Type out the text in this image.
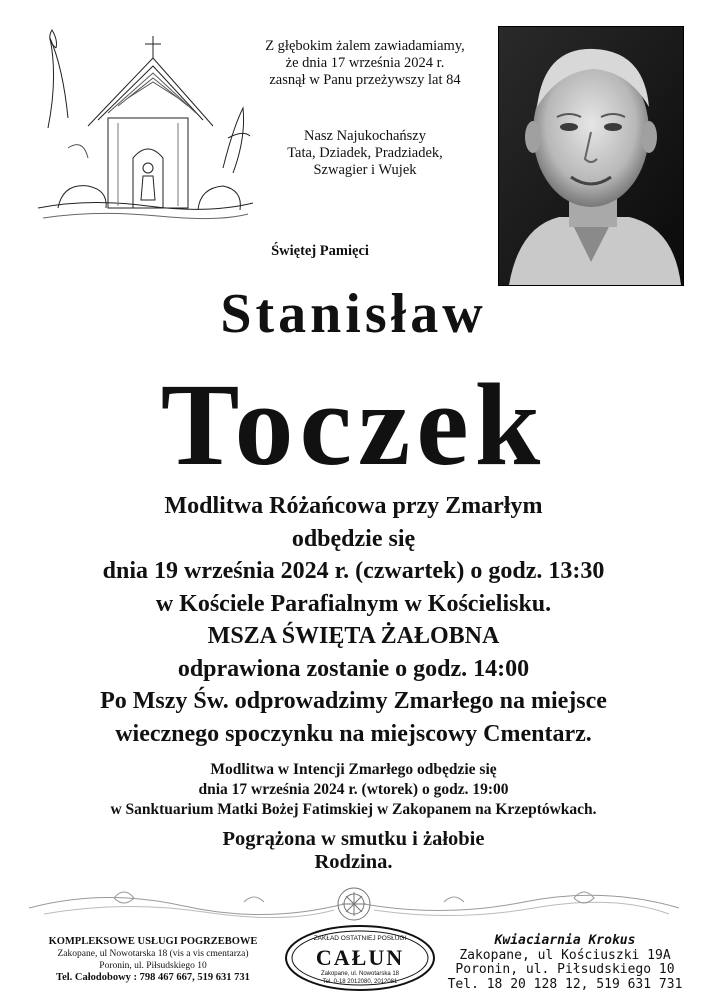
Z głębokim żalem zawiadamiamy,
że dnia 17 września 2024 r.
zasnął w Panu przeżywszy lat 84
Nasz Najukochańszy
Tata, Dziadek, Pradziadek,
Szwagier i Wujek
Świętej Pamięci
Stanisław
Toczek
Modlitwa Różańcowa przy Zmarłym
odbędzie się
dnia 19 września 2024 r. (czwartek) o godz. 13:30
w Kościele Parafialnym w Kościelisku.
MSZA ŚWIĘTA ŻAŁOBNA
odprawiona zostanie o godz. 14:00
Po Mszy Św. odprowadzimy Zmarłego na miejsce
wiecznego spoczynku na miejscowy Cmentarz.
Modlitwa w Intencji Zmarłego odbędzie się
dnia 17 września 2024 r. (wtorek) o godz. 19:00
w Sanktuarium Matki Bożej Fatimskiej w Zakopanem na Krzeptówkach.
Pogrążona w smutku i żałobie
Rodzina.
KOMPLEKSOWE USŁUGI POGRZEBOWE
Zakopane, ul Nowotarska 18 (vis a vis cmentarza)
Poronin, ul. Piłsudskiego 10
Tel. Całodobowy : 798 467 667, 519 631 731
ZAKŁAD OSTATNIEJ POSŁUGI
CAŁUN
Zakopane, ul. Nowotarska 18
Tel. 0-18 2012080, 2012081
Kwiaciarnia Krokus
Zakopane, ul Kościuszki 19A
Poronin, ul. Piłsudskiego 10
Tel. 18 20 128 12, 519 631 731
